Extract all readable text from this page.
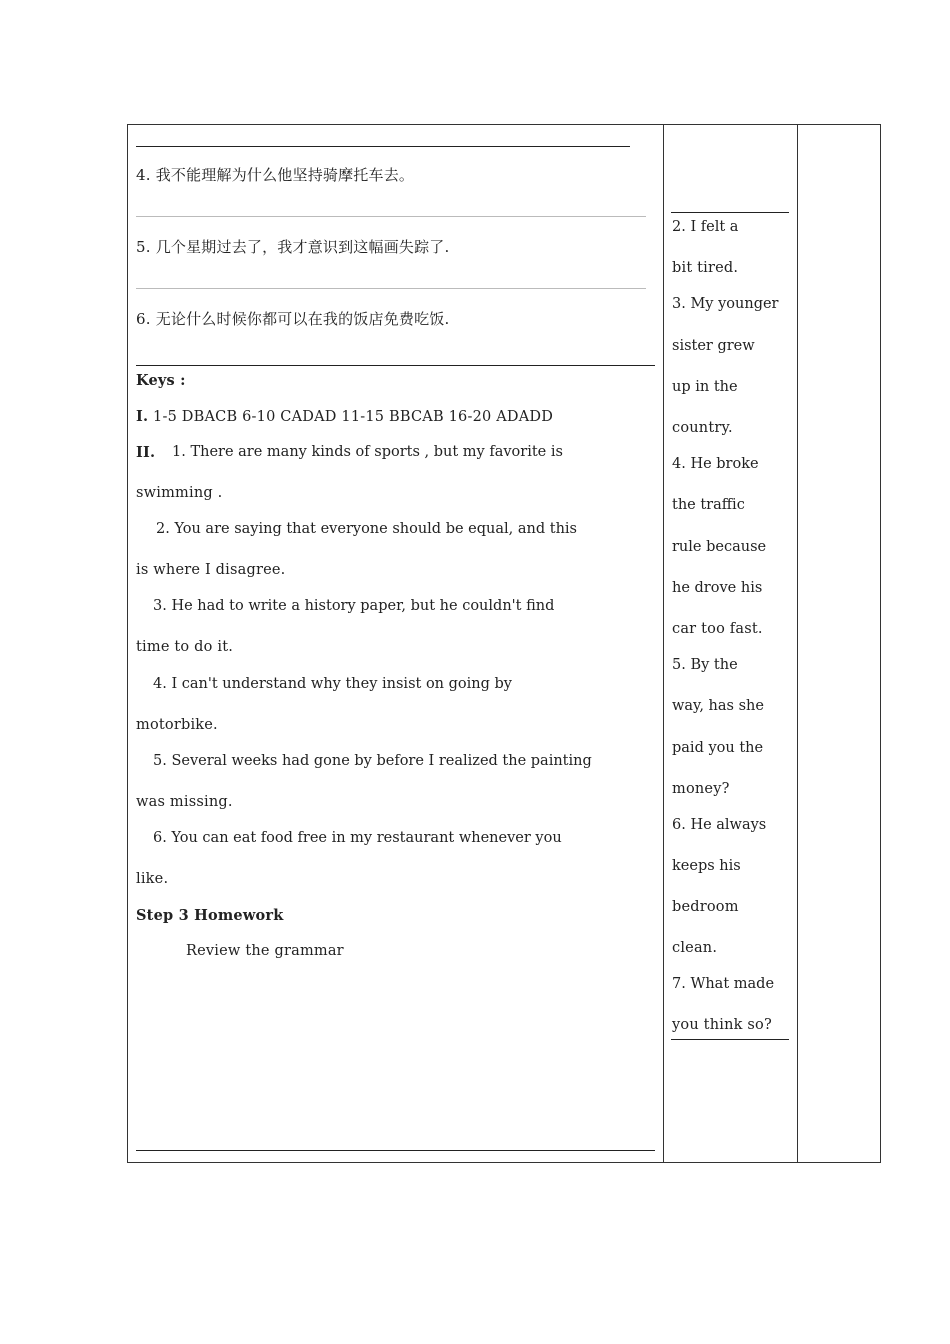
4. 我不能理解为什么他坚持骑摩托车去。
5. 几个星期过去了，我才意识到这幅画失踪了.
6. 无论什么时候你都可以在我的饭店免费吃饭.
Keys :
I. 1-5 DBACB 6-10 CADAD 11-15 BBCAB 16-20 ADADD
II. 1. There are many kinds of sports , but my favorite is
swimming .
2. You are saying that everyone should be equal, and this
is where I disagree.
3. He had to write a history paper, but he couldn't find
time to do it.
4. I can't understand why they insist on going by
motorbike.
5. Several weeks had gone by before I realized the painting
was missing.
6. You can eat food free in my restaurant whenever you
like.
Step 3 Homework
Review the grammar
2. I felt a
bit tired.
3. My younger
sister grew
up in the
country.
4. He broke
the traffic
rule because
he drove his
car too fast.
5. By the
way, has she
paid you the
money?
6. He always
keeps his
bedroom
clean.
7. What made
you think so?
